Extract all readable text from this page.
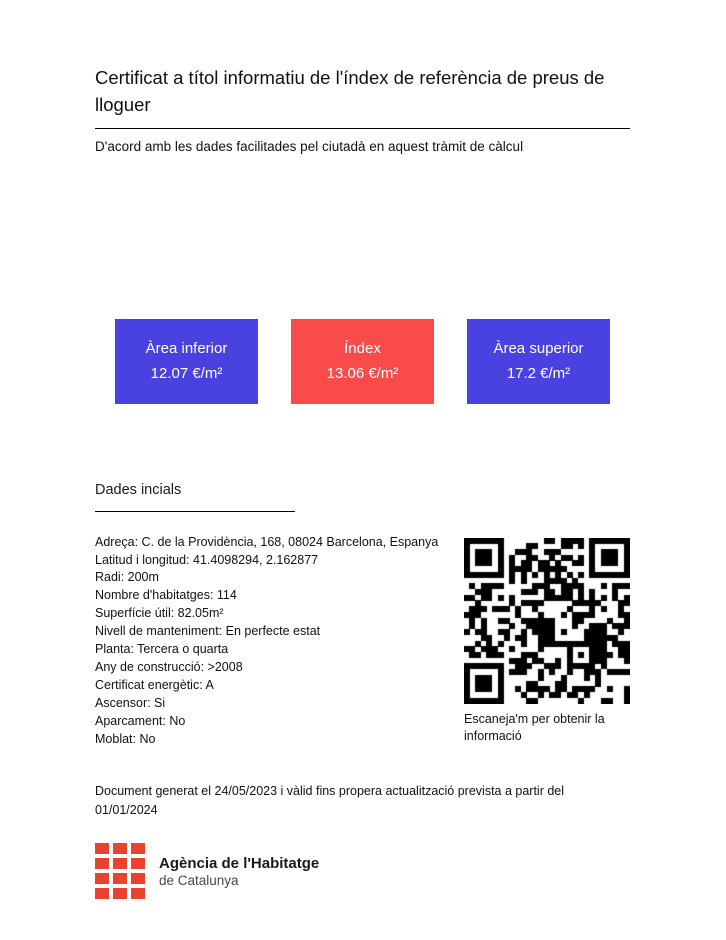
Certificat a títol informatiu de l'índex de referència de preus de lloguer

D'acord amb les dades facilitades pel ciutadà en aquest tràmit de càlcul

Àrea inferior
12.07 €/m²
Índex
13.06 €/m²
Àrea superior
17.2 €/m²
Dades incials
Adreça: C. de la Providència, 168, 08024 Barcelona, Espanya
Latitud i longitud: 41.4098294, 2.162877
Radi: 200m
Nombre d'habitatges: 114
Superfície útil: 82.05m²
Nivell de manteniment: En perfecte estat
Planta: Tercera o quarta
Any de construcció: >2008
Certificat energètic: A
Ascensor: Si
Aparcament: No
Moblat: No
Escaneja'm per obtenir la informació

Document generat el 24/05/2023 i vàlid fins propera actualització prevista a partir del 01/01/2024

Agència de l'Habitatge
de Catalunya
